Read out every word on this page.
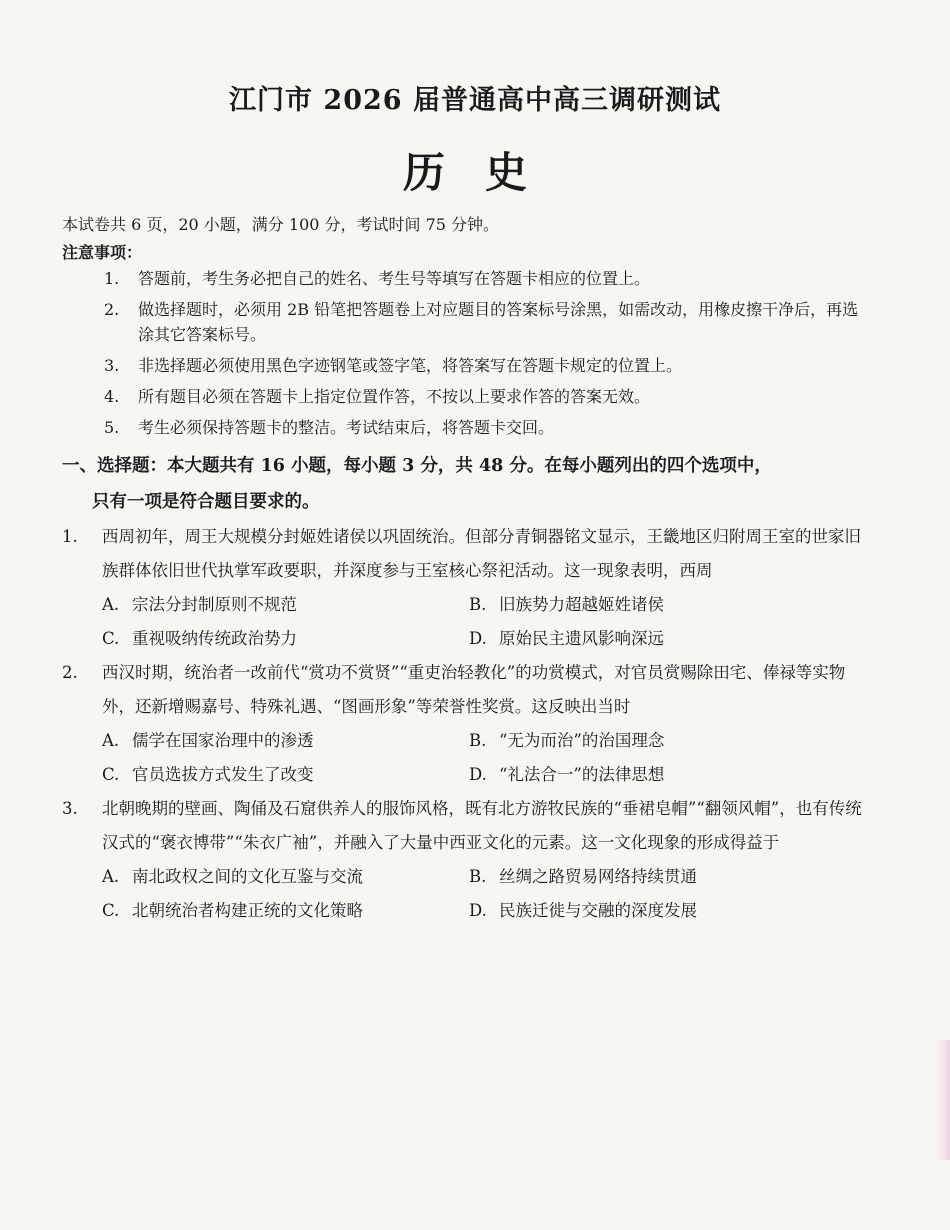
江门市 2026 届普通高中高三调研测试
历史
本试卷共 6 页，20 小题，满分 100 分，考试时间 75 分钟。
注意事项：
1.	答题前，考生务必把自己的姓名、考生号等填写在答题卡相应的位置上。
2.	做选择题时，必须用 2B 铅笔把答题卷上对应题目的答案标号涂黑，如需改动，用橡皮擦干净后，再选涂其它答案标号。
3.	非选择题必须使用黑色字迹钢笔或签字笔，将答案写在答题卡规定的位置上。
4.	所有题目必须在答题卡上指定位置作答，不按以上要求作答的答案无效。
5.	考生必须保持答题卡的整洁。考试结束后，将答题卡交回。
一、选择题：本大题共有 16 小题，每小题 3 分，共 48 分。在每小题列出的四个选项中，
只有一项是符合题目要求的。
1.	西周初年，周王大规模分封姬姓诸侯以巩固统治。但部分青铜器铭文显示，王畿地区归附周王室的世家旧族群体依旧世代执掌军政要职，并深度参与王室核心祭祀活动。这一现象表明，西周
A. 宗法分封制原则不规范	B. 旧族势力超越姬姓诸侯
C. 重视吸纳传统政治势力	D. 原始民主遗风影响深远
2.	西汉时期，统治者一改前代“赏功不赏贤”“重吏治轻教化”的功赏模式，对官员赏赐除田宅、俸禄等实物外，还新增赐嘉号、特殊礼遇、“图画形象”等荣誉性奖赏。这反映出当时
A. 儒学在国家治理中的渗透	B. “无为而治”的治国理念
C. 官员选拔方式发生了改变	D. “礼法合一”的法律思想
3.	北朝晚期的壁画、陶俑及石窟供养人的服饰风格，既有北方游牧民族的“垂裙皂帽”“翻领风帽”，也有传统汉式的“褒衣博带”“朱衣广袖”，并融入了大量中西亚文化的元素。这一文化现象的形成得益于
A. 南北政权之间的文化互鉴与交流	B. 丝绸之路贸易网络持续贯通
C. 北朝统治者构建正统的文化策略	D. 民族迁徙与交融的深度发展
